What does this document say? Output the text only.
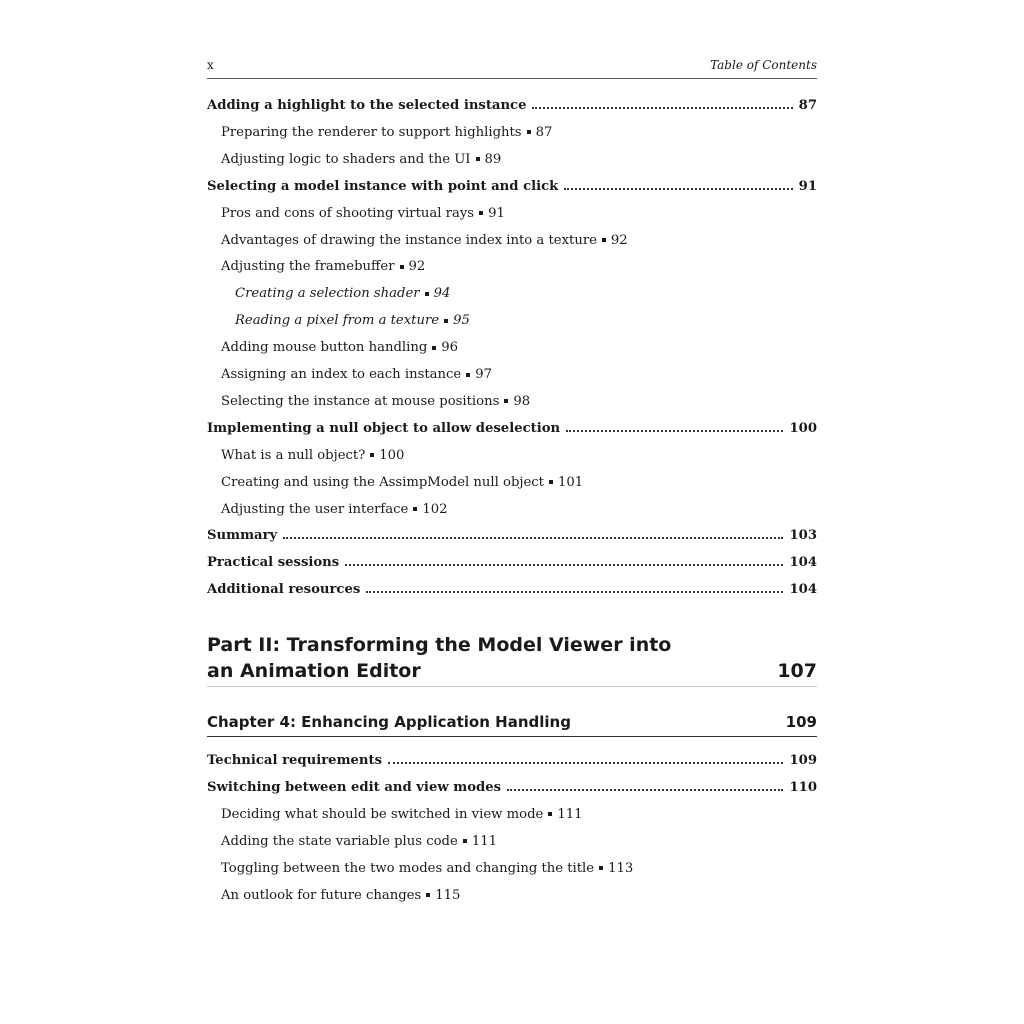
x	Table of Contents
Adding a highlight to the selected instance	87
Preparing the renderer to support highlights 87
Adjusting logic to shaders and the UI 89
Selecting a model instance with point and click	91
Pros and cons of shooting virtual rays 91
Advantages of drawing the instance index into a texture 92
Adjusting the framebuffer 92
Creating a selection shader 94
Reading a pixel from a texture 95
Adding mouse button handling 96
Assigning an index to each instance 97
Selecting the instance at mouse positions 98
Implementing a null object to allow deselection	100
What is a null object? 100
Creating and using the AssimpModel null object 101
Adjusting the user interface 102
Summary	103
Practical sessions	104
Additional resources	104
Part II: Transforming the Model Viewer into an Animation Editor	107
Chapter 4: Enhancing Application Handling	109
Technical requirements	109
Switching between edit and view modes	110
Deciding what should be switched in view mode 111
Adding the state variable plus code 111
Toggling between the two modes and changing the title 113
An outlook for future changes 115
